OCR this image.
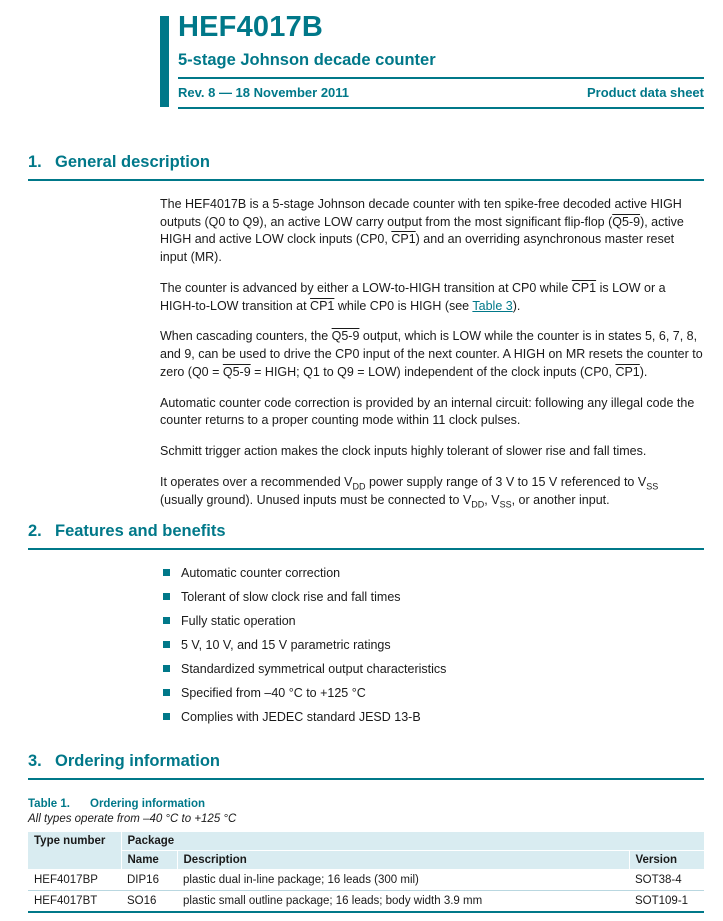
HEF4017B
5-stage Johnson decade counter
Rev. 8 — 18 November 2011	Product data sheet
1. General description

The HEF4017B is a 5-stage Johnson decade counter with ten spike-free decoded active HIGH outputs (Q0 to Q9), an active LOW carry output from the most significant flip-flop (Q5-9), active HIGH and active LOW clock inputs (CP0, CP1) and an overriding asynchronous master reset input (MR).

The counter is advanced by either a LOW-to-HIGH transition at CP0 while CP1 is LOW or a HIGH-to-LOW transition at CP1 while CP0 is HIGH (see Table 3).

When cascading counters, the Q5-9 output, which is LOW while the counter is in states 5, 6, 7, 8, and 9, can be used to drive the CP0 input of the next counter. A HIGH on MR resets the counter to zero (Q0 = Q5-9 = HIGH; Q1 to Q9 = LOW) independent of the clock inputs (CP0, CP1).

Automatic counter code correction is provided by an internal circuit: following any illegal code the counter returns to a proper counting mode within 11 clock pulses.

Schmitt trigger action makes the clock inputs highly tolerant of slower rise and fall times.

It operates over a recommended $V_{DD}$ power supply range of 3 V to 15 V referenced to $V_{SS}$ (usually ground). Unused inputs must be connected to $V_{DD}$, $V_{SS}$, or another input.

2. Features and benefits
Automatic counter correction
Tolerant of slow clock rise and fall times
Fully static operation
5 V, 10 V, and 15 V parametric ratings
Standardized symmetrical output characteristics
Specified from –40 °C to +125 °C
Complies with JEDEC standard JESD 13-B
3. Ordering information
Table 1. Ordering information
All types operate from –40 °C to +125 °C
Type number	Package		
	Name	Description	Version
HEF4017BP	DIP16	plastic dual in-line package; 16 leads (300 mil)	SOT38-4
HEF4017BT	SO16	plastic small outline package; 16 leads; body width 3.9 mm	SOT109-1
